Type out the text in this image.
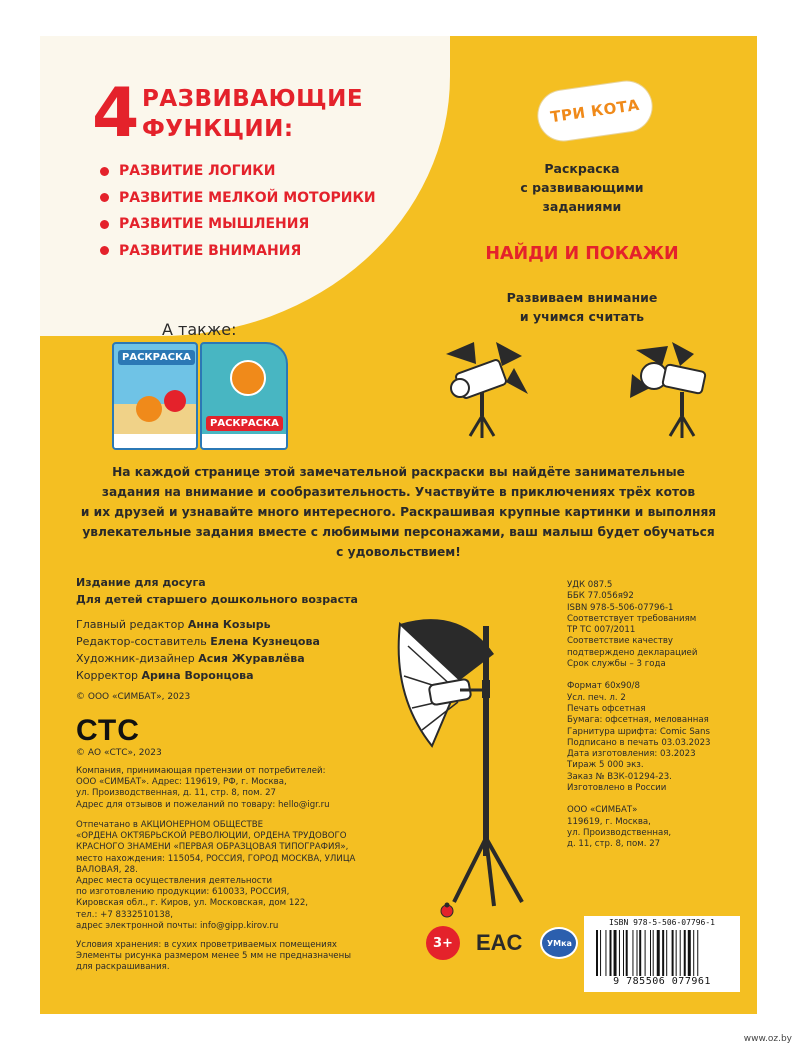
4 РАЗВИВАЮЩИЕ
ФУНКЦИИ:
РАЗВИТИЕ ЛОГИКИ
РАЗВИТИЕ МЕЛКОЙ МОТОРИКИ
РАЗВИТИЕ МЫШЛЕНИЯ
РАЗВИТИЕ ВНИМАНИЯ
ТРИ КОТА
Раскраска
с развивающими
заданиями
НАЙДИ И ПОКАЖИ
Развиваем внимание
и учимся считать
А также:
РАСКРАСКА
РАСКРАСКА
На каждой странице этой замечательной раскраски вы найдёте занимательные
задания на внимание и сообразительность. Участвуйте в приключениях трёх котов
и их друзей и узнавайте много интересного. Раскрашивая крупные картинки и выполняя
увлекательные задания вместе с любимыми персонажами, ваш малыш будет обучаться
с удовольствием!
Издание для досуга
Для детей старшего дошкольного возраста
Главный редактор Анна Козырь
Редактор-составитель Елена Кузнецова
Художник-дизайнер Асия Журавлёва
Корректор Арина Воронцова
© ООО «СИМБАТ», 2023
СТС
© АО «СТС», 2023
Компания, принимающая претензии от потребителей:
ООО «СИМБАТ». Адрес: 119619, РФ, г. Москва,
ул. Производственная, д. 11, стр. 8, пом. 27
Адрес для отзывов и пожеланий по товару: hello@igr.ru
Отпечатано в АКЦИОНЕРНОМ ОБЩЕСТВЕ
«ОРДЕНА ОКТЯБРЬСКОЙ РЕВОЛЮЦИИ, ОРДЕНА ТРУДОВОГО
КРАСНОГО ЗНАМЕНИ «ПЕРВАЯ ОБРАЗЦОВАЯ ТИПОГРАФИЯ»,
место нахождения: 115054, РОССИЯ, ГОРОД МОСКВА, УЛИЦА
ВАЛОВАЯ, 28.
Адрес места осуществления деятельности
по изготовлению продукции: 610033, РОССИЯ,
Кировская обл., г. Киров, ул. Московская, дом 122,
тел.: +7 8332510138,
адрес электронной почты: info@gipp.kirov.ru
Условия хранения: в сухих проветриваемых помещениях
Элементы рисунка размером менее 5 мм не предназначены
для раскрашивания.
УДК 087.5
ББК 77.056я92
ISBN 978-5-506-07796-1
Соответствует требованиям
ТР ТС 007/2011
Соответствие качеству
подтверждено декларацией
Срок службы – 3 года
Формат 60х90/8
Усл. печ. л. 2
Печать офсетная
Бумага: офсетная, мелованная
Гарнитура шрифта: Comic Sans
Подписано в печать 03.03.2023
Дата изготовления: 03.2023
Тираж 5 000 экз.
Заказ № ВЗК-01294-23.
Изготовлено в России
ООО «СИМБАТ»
119619, г. Москва,
ул. Производственная,
д. 11, стр. 8, пом. 27
3+	EAC	УМка
ISBN 978-5-506-07796-1
9 785506 077961
www.oz.by
